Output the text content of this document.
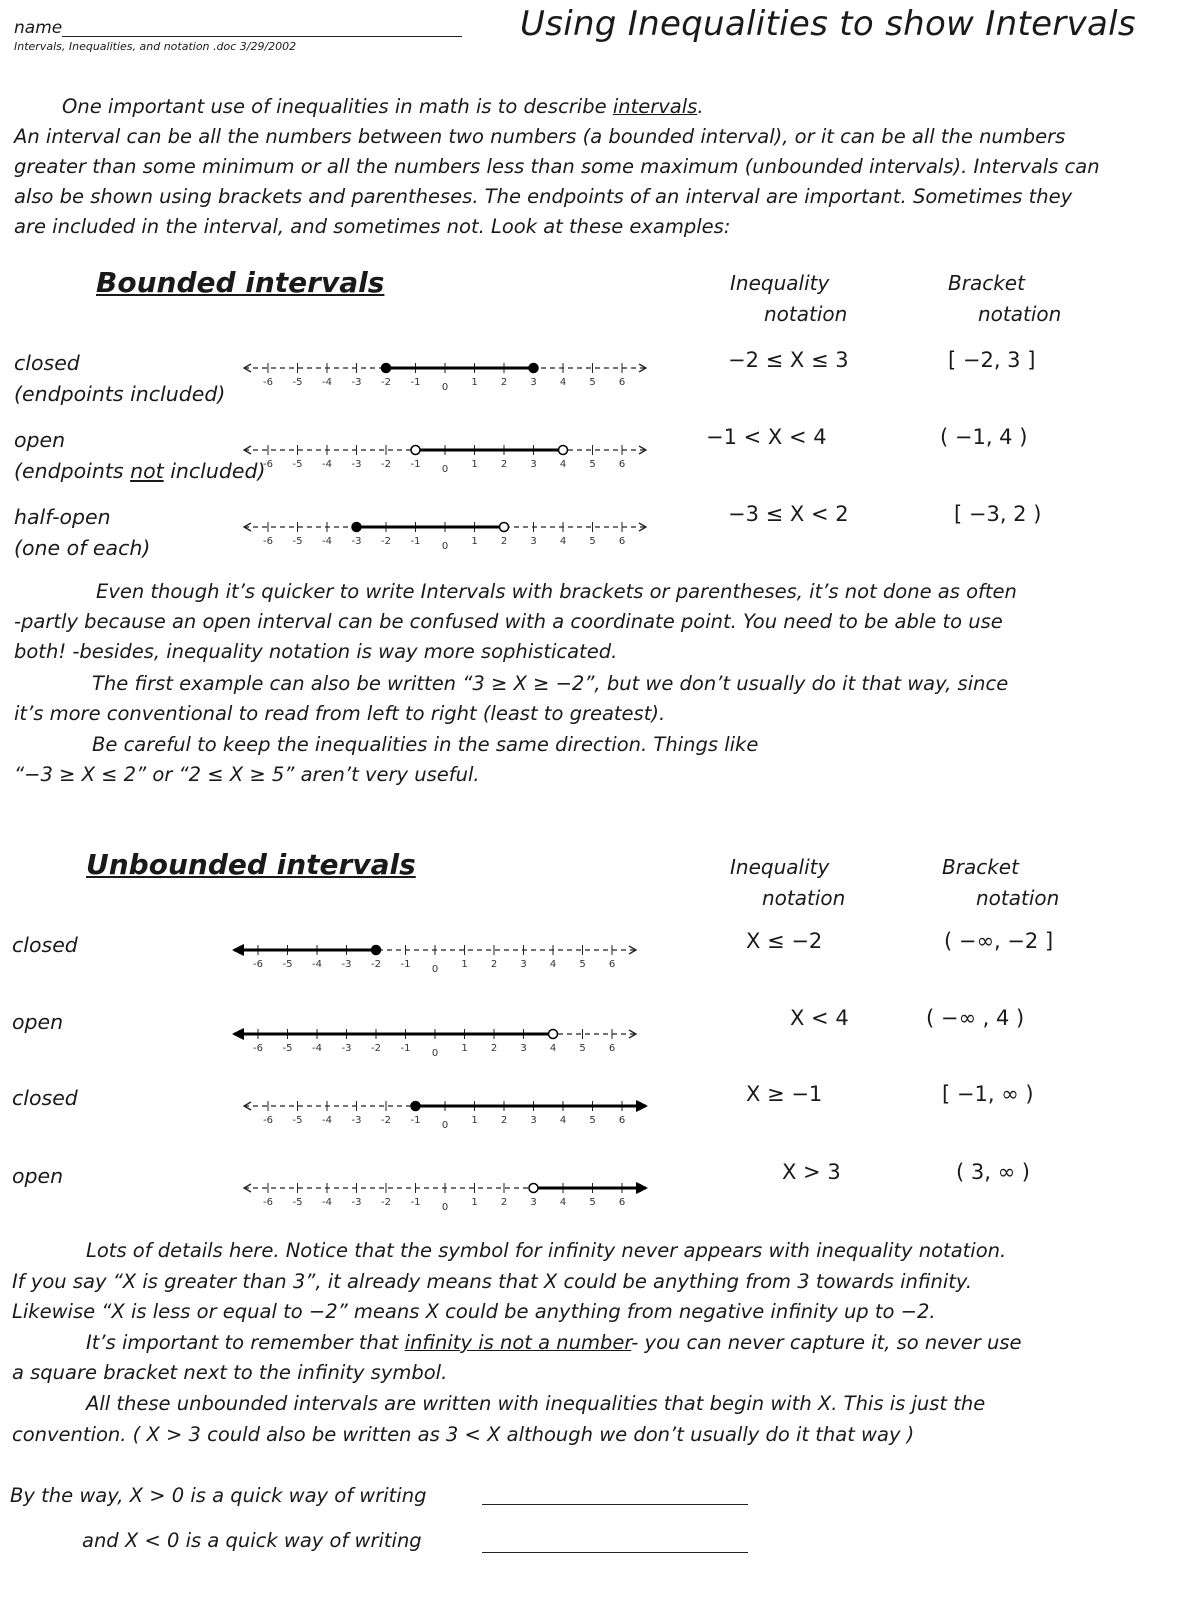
name
Intervals, Inequalities, and notation .doc 3/29/2002
Using Inequalities to show Intervals
One important use of inequalities in math is to describe intervals.
An interval can be all the numbers between two numbers (a bounded interval), or it can be all the numbers
greater than some minimum or all the numbers less than some maximum (unbounded intervals). Intervals can
also be shown using brackets and parentheses. The endpoints of an interval are important. Sometimes they
are included in the interval, and sometimes not. Look at these examples:
Bounded intervals	Inequality
notation
Bracket
notation
closed
(endpoints included)
−2 ≤ X ≤ 3	[ −2, 3 ]
open
(endpoints not included)
−1 < X < 4	( −1, 4 )
half-open
(one of each)
−3 ≤ X < 2	[ −3, 2 )
Even though it’s quicker to write Intervals with brackets or parentheses, it’s not done as often
-partly because an open interval can be confused with a coordinate point. You need to be able to use
both! -besides, inequality notation is way more sophisticated.
The first example can also be written “3 ≥ X ≥ −2”, but we don’t usually do it that way, since
it’s more conventional to read from left to right (least to greatest).
Be careful to keep the inequalities in the same direction. Things like
“−3 ≥ X ≤ 2” or “2 ≤ X ≥ 5” aren’t very useful.
Unbounded intervals	Inequality
notation
Bracket
notation
closed	X ≤ −2	( −∞, −2 ]
open	X < 4	( −∞ , 4 )
closed	X ≥ −1	[ −1, ∞ )
open	X > 3	( 3, ∞ )
-6 -5 -4 -3 -2 -1 0 1 2 3 4 5 6
-6 -5 -4 -3 -2 -1 0 1 2 3 4 5 6
-6 -5 -4 -3 -2 -1 0 1 2 3 4 5 6
-6 -5 -4 -3 -2 -1 0 1 2 3 4 5 6
-6 -5 -4 -3 -2 -1 0 1 2 3 4 5 6
-6 -5 -4 -3 -2 -1 0 1 2 3 4 5 6
-6 -5 -4 -3 -2 -1 0 1 2 3 4 5 6
Lots of details here. Notice that the symbol for infinity never appears with inequality notation.
If you say “X is greater than 3”, it already means that X could be anything from 3 towards infinity.
Likewise “X is less or equal to −2” means X could be anything from negative infinity up to −2.
It’s important to remember that infinity is not a number- you can never capture it, so never use
a square bracket next to the infinity symbol.
All these unbounded intervals are written with inequalities that begin with X. This is just the
convention. ( X > 3 could also be written as 3 < X although we don’t usually do it that way )
By the way, X > 0 is a quick way of writing
and X < 0 is a quick way of writing
